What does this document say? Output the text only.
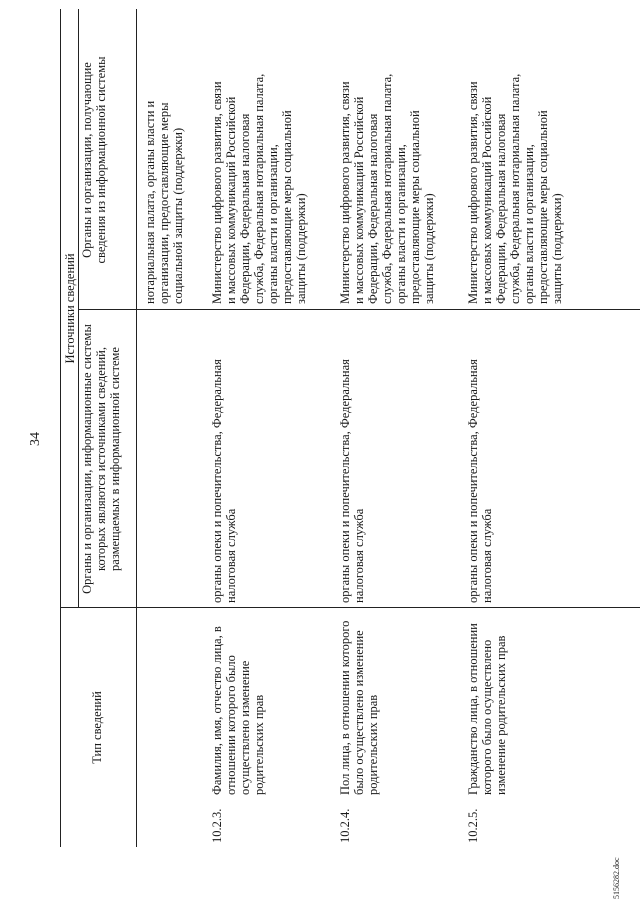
34
5156282.doc
Тип сведений
Источники сведений
Органы и организации, информационные системы которых являются источниками сведений, размещаемых в информационной системе
Органы и организации, получающие сведения из информационной системы	нотариальная палата, органы власти и организации, предоставляющие меры социальной защиты (поддержки)
10.2.3.
Фамилия, имя, отчество лица, в отношении которого было осуществлено изменение родительских прав
органы опеки и попечительства, Федеральная налоговая служба
Министерство цифрового развития, связи и массовых коммуникаций Российской Федерации, Федеральная налоговая служба, Федеральная нотариальная палата, органы власти и организации, предоставляющие меры социальной защиты (поддержки)
10.2.4.
Пол лица, в отношении которого было осуществлено изменение родительских прав
органы опеки и попечительства, Федеральная налоговая служба
Министерство цифрового развития, связи и массовых коммуникаций Российской Федерации, Федеральная налоговая служба, Федеральная нотариальная палата, органы власти и организации, предоставляющие меры социальной защиты (поддержки)
10.2.5.
Гражданство лица, в отношении которого было осуществлено изменение родительских прав
органы опеки и попечительства, Федеральная налоговая служба
Министерство цифрового развития, связи и массовых коммуникаций Российской Федерации, Федеральная налоговая служба, Федеральная нотариальная палата, органы власти и организации, предоставляющие меры социальной защиты (поддержки)
